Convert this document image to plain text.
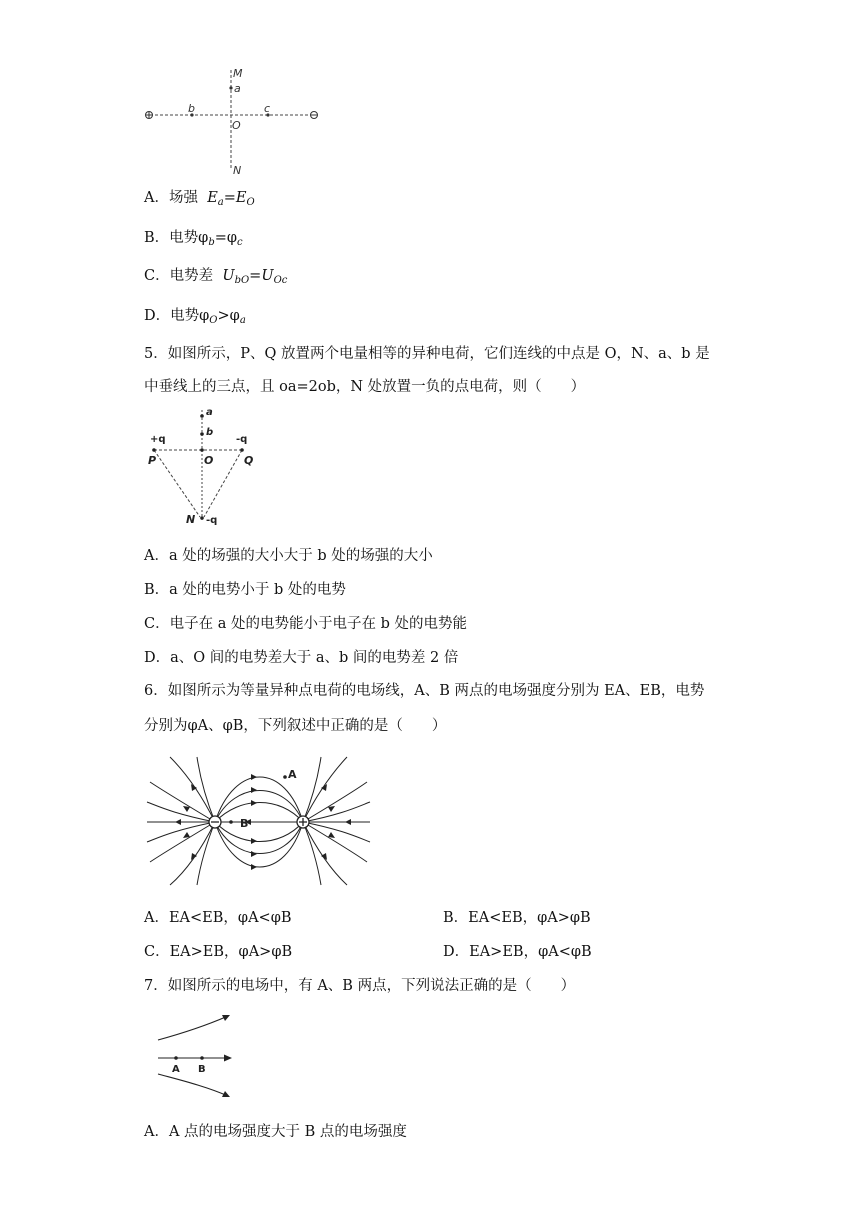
M
a
b
O
c
N
A．场强 $E_a=E_O$
B．电势$\varphi_b=\varphi_c$
C．电势差 $U_{bO}=U_{Oc}$
D．电势$\varphi_O>\varphi_a$
5．如图所示，P、Q 放置两个电量相等的异种电荷，它们连线的中点是 O，N、a、b 是
中垂线上的三点，且 oa=2ob，N 处放置一负的点电荷，则（　　）
a
b
+q	-q
P	O	Q
N -q
A．a 处的场强的大小大于 b 处的场强的大小
B．a 处的电势小于 b 处的电势
C．电子在 a 处的电势能小于电子在 b 处的电势能
D．a、O 间的电势差大于 a、b 间的电势差 2 倍
6．如图所示为等量异种点电荷的电场线，A、B 两点的电场强度分别为 EA、EB，电势
分别为φA、φB，下列叙述中正确的是（　　）
A
B
A．EA<EB，φA<φB	B．EA<EB，φA>φB
C．EA>EB，φA>φB	D．EA>EB，φA<φB
7．如图所示的电场中，有 A、B 两点，下列说法正确的是（　　）
A B
A．A 点的电场强度大于 B 点的电场强度
